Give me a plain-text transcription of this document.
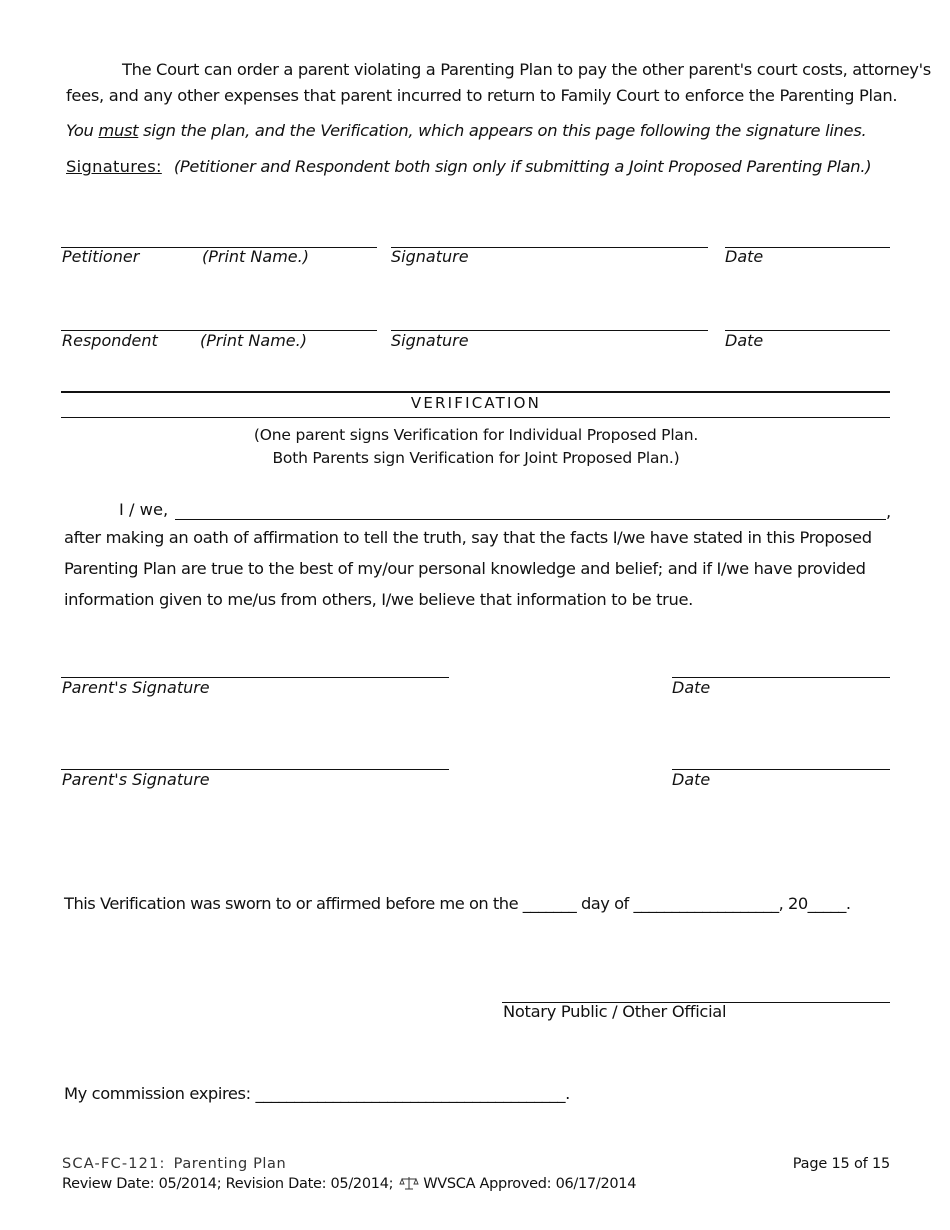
The Court can order a parent violating a Parenting Plan to pay the other parent's court costs, attorney's
fees, and any other expenses that parent incurred to return to Family Court to enforce the Parenting Plan.
You must sign the plan, and the Verification, which appears on this page following the signature lines.
Signatures: (Petitioner and Respondent both sign only if submitting a Joint Proposed Parenting Plan.)
Petitioner	(Print Name.)	Signature	Date
Respondent	(Print Name.)	Signature	Date
VERIFICATION
(One parent signs Verification for Individual Proposed Plan.
Both Parents sign Verification for Joint Proposed Plan.)
I / we,	,
after making an oath of affirmation to tell the truth, say that the facts I/we have stated in this Proposed
Parenting Plan are true to the best of my/our personal knowledge and belief; and if I/we have provided
information given to me/us from others, I/we believe that information to be true.
Parent's Signature	Date
Parent's Signature	Date
This Verification was sworn to or affirmed before me on the _______ day of ___________________, 20_____.
Notary Public / Other Official
My commission expires: ________________________________________.
SCA-FC-121: Parenting Plan	Page 15 of 15
Review Date: 05/2014; Revision Date: 05/2014; WVSCA Approved: 06/17/2014
